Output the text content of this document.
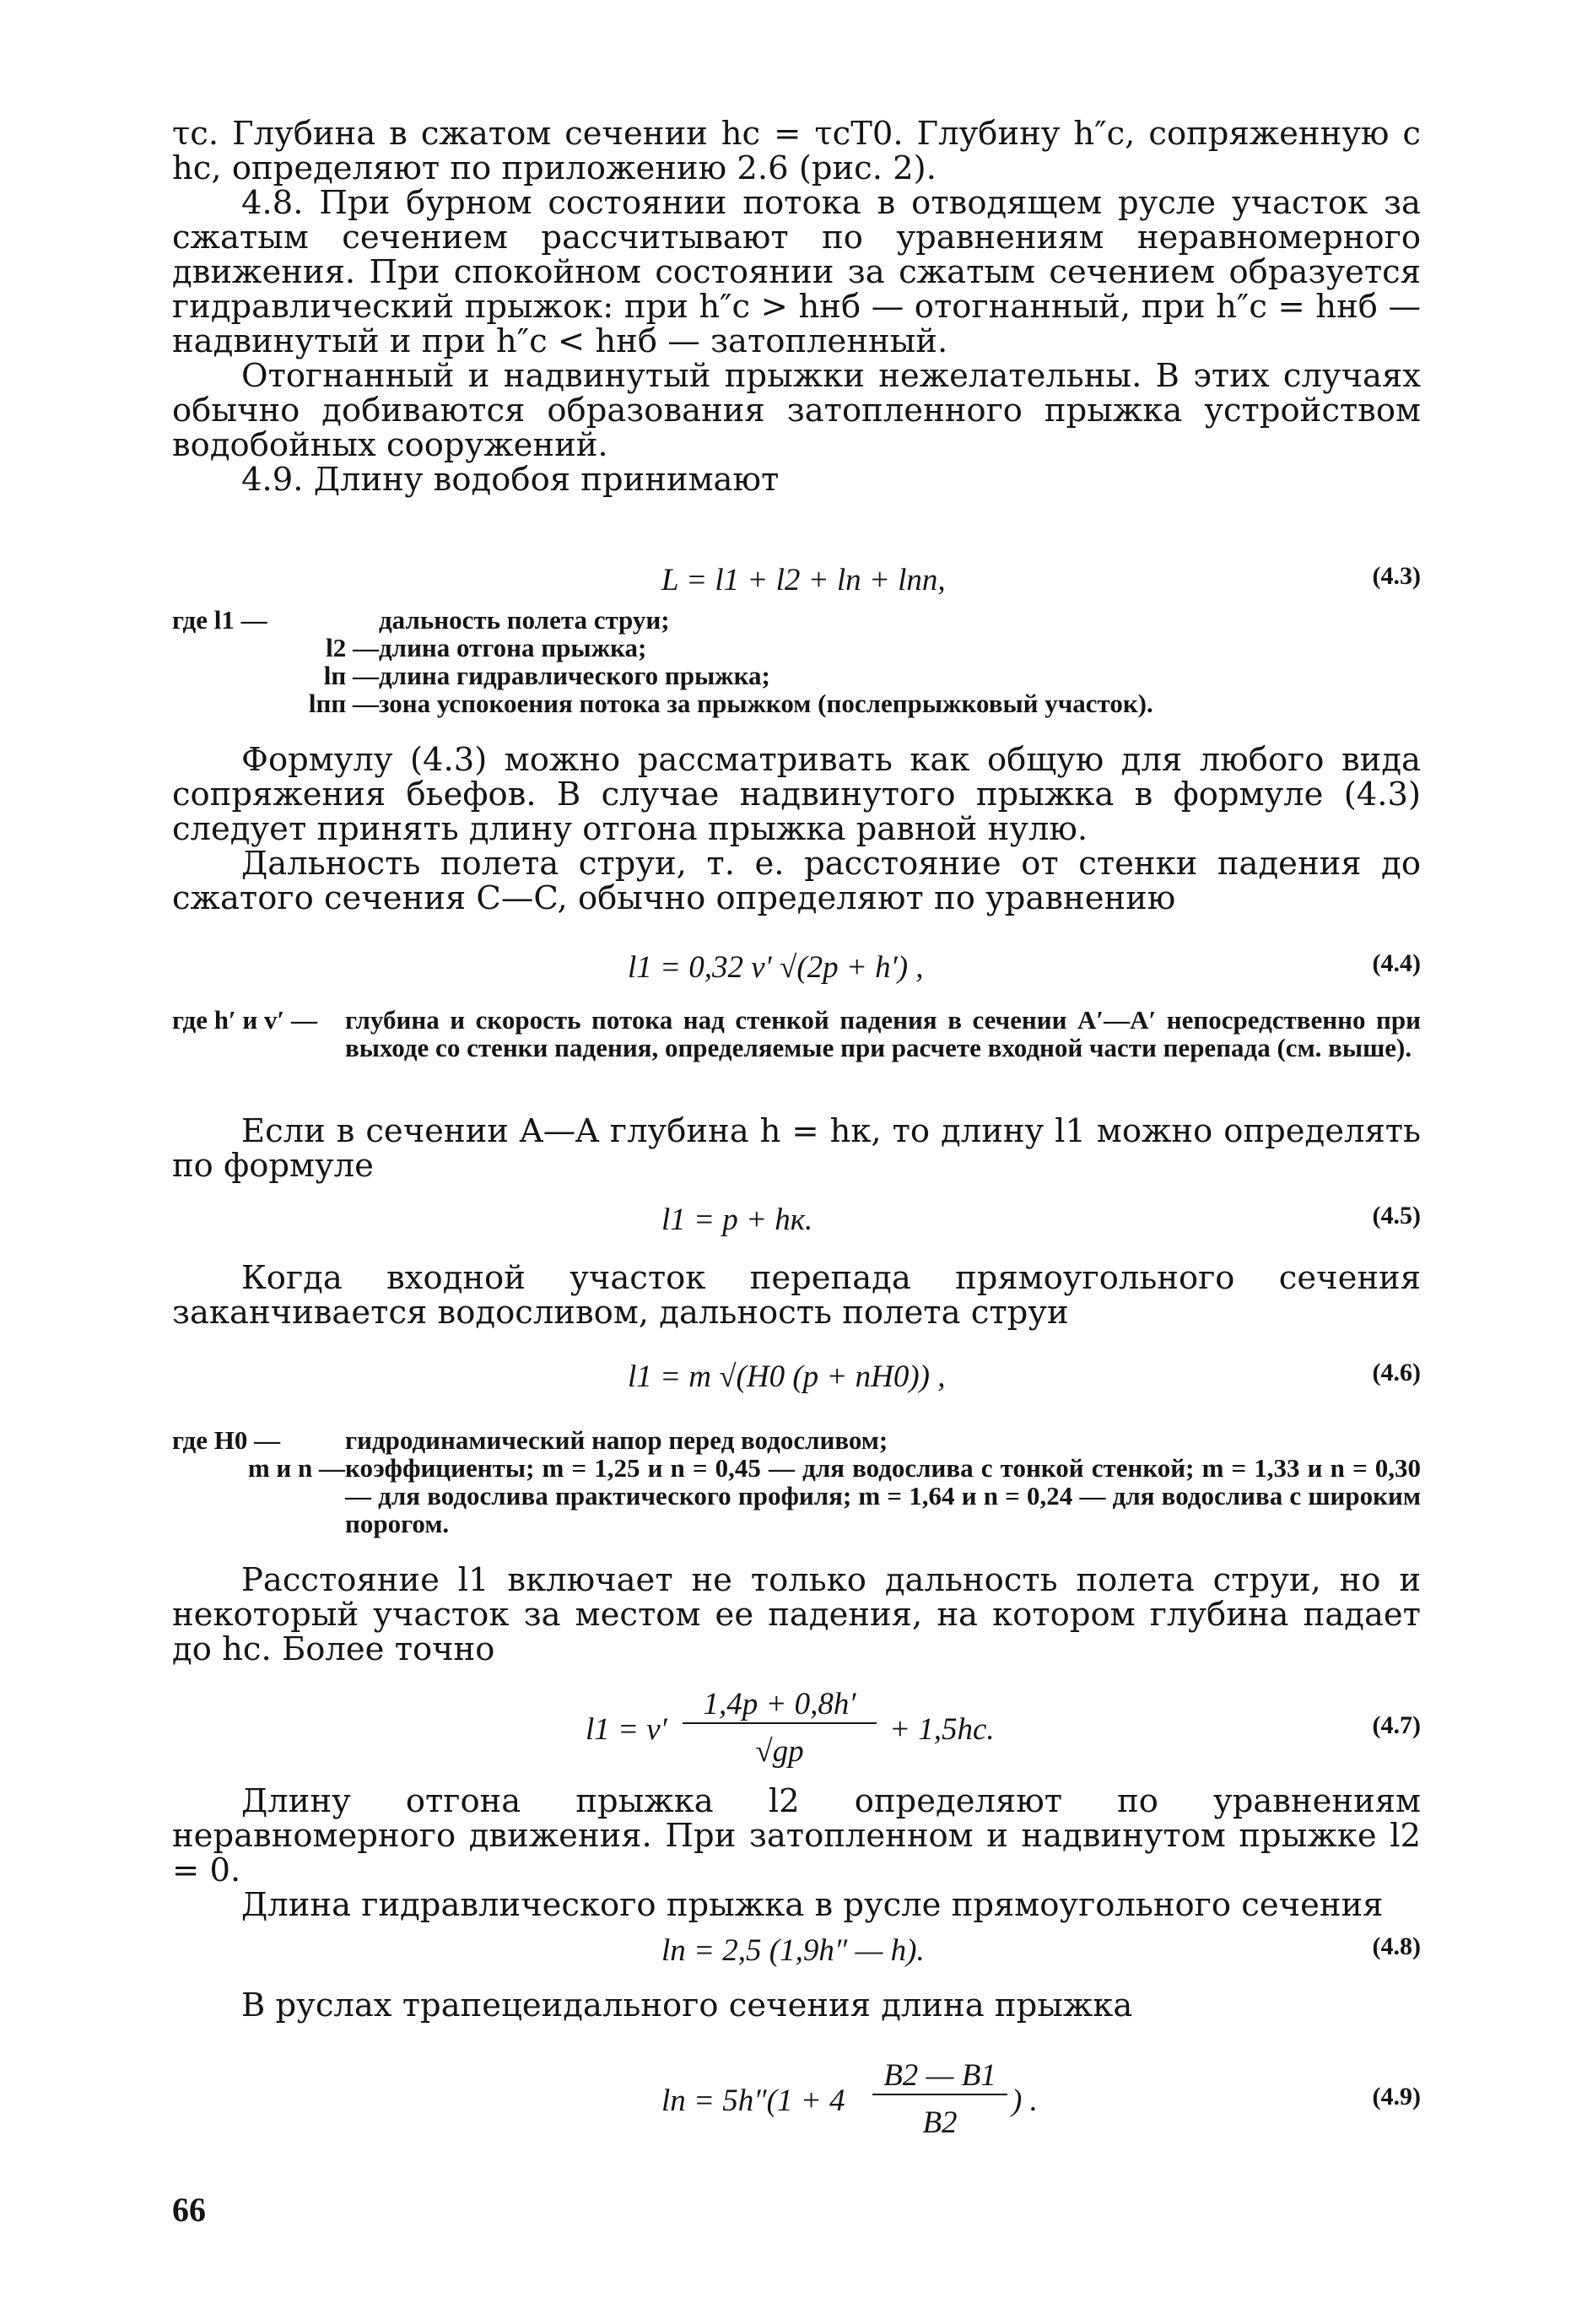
τс. Глубина в сжатом сечении hс = τсT0. Глубину h″с, сопряженную с hс, определяют по приложению 2.6 (рис. 2).

4.8. При бурном состоянии потока в отводящем русле участок за сжатым сечением рассчитывают по уравнениям неравномерного движения. При спокойном состоянии за сжатым сечением образуется гидравлический прыжок: при h″с > hнб — отогнанный, при h″с = hнб — надвинутый и при h″с < hнб — затопленный.

Отогнанный и надвинутый прыжки нежелательны. В этих случаях обычно добиваются образования затопленного прыжка устройством водобойных сооружений.

4.9. Длину водобоя принимают

L = l1 + l2 + lп + lпп,	(4.3)
где l1 —	дальность полета струи;
l2 — длина отгона прыжка;
lп — длина гидравлического прыжка;
lпп — зона успокоения потока за прыжком (послепрыжковый участок).

Формулу (4.3) можно рассматривать как общую для любого вида сопряжения бьефов. В случае надвинутого прыжка в формуле (4.3) следует принять длину отгона прыжка равной нулю.

Дальность полета струи, т. е. расстояние от стенки падения до сжатого сечения C—C, обычно определяют по уравнению

l1 = 0,32 v′ √(2p + h′) ,	(4.4)
где h′ и v′ —	глубина и скорость потока над стенкой падения в сечении A′—A′ непосредственно при выходе со стенки падения, определяемые при расчете входной части перепада (см. выше).

Если в сечении A—A глубина h = hк, то длину l1 можно определять по формуле

l1 = p + hк.	(4.5)

Когда входной участок перепада прямоугольного сечения заканчивается водосливом, дальность полета струи

l1 = m √(H0 (p + nH0)) ,	(4.6)
где H0 —	гидродинамический напор перед водосливом;
m и n — коэффициенты; m = 1,25 и n = 0,45 — для водослива с тонкой стенкой; m = 1,33 и n = 0,30 — для водослива практического профиля; m = 1,64 и n = 0,24 — для водослива с широким порогом.

Расстояние l1 включает не только дальность полета струи, но и некоторый участок за местом ее падения, на котором глубина падает до hс. Более точно

l1 = v′
1,4p + 0,8h′
√gp
+ 1,5hс.	(4.7)

Длину отгона прыжка l2 определяют по уравнениям неравномерного движения. При затопленном и надвинутом прыжке l2 = 0.

Длина гидравлического прыжка в русле прямоугольного сечения

lп = 2,5 (1,9h″ — h).	(4.8)

В руслах трапецеидального сечения длина прыжка

lп = 5h″(1 + 4
B2 — B1
B2
) .	(4.9)
66
